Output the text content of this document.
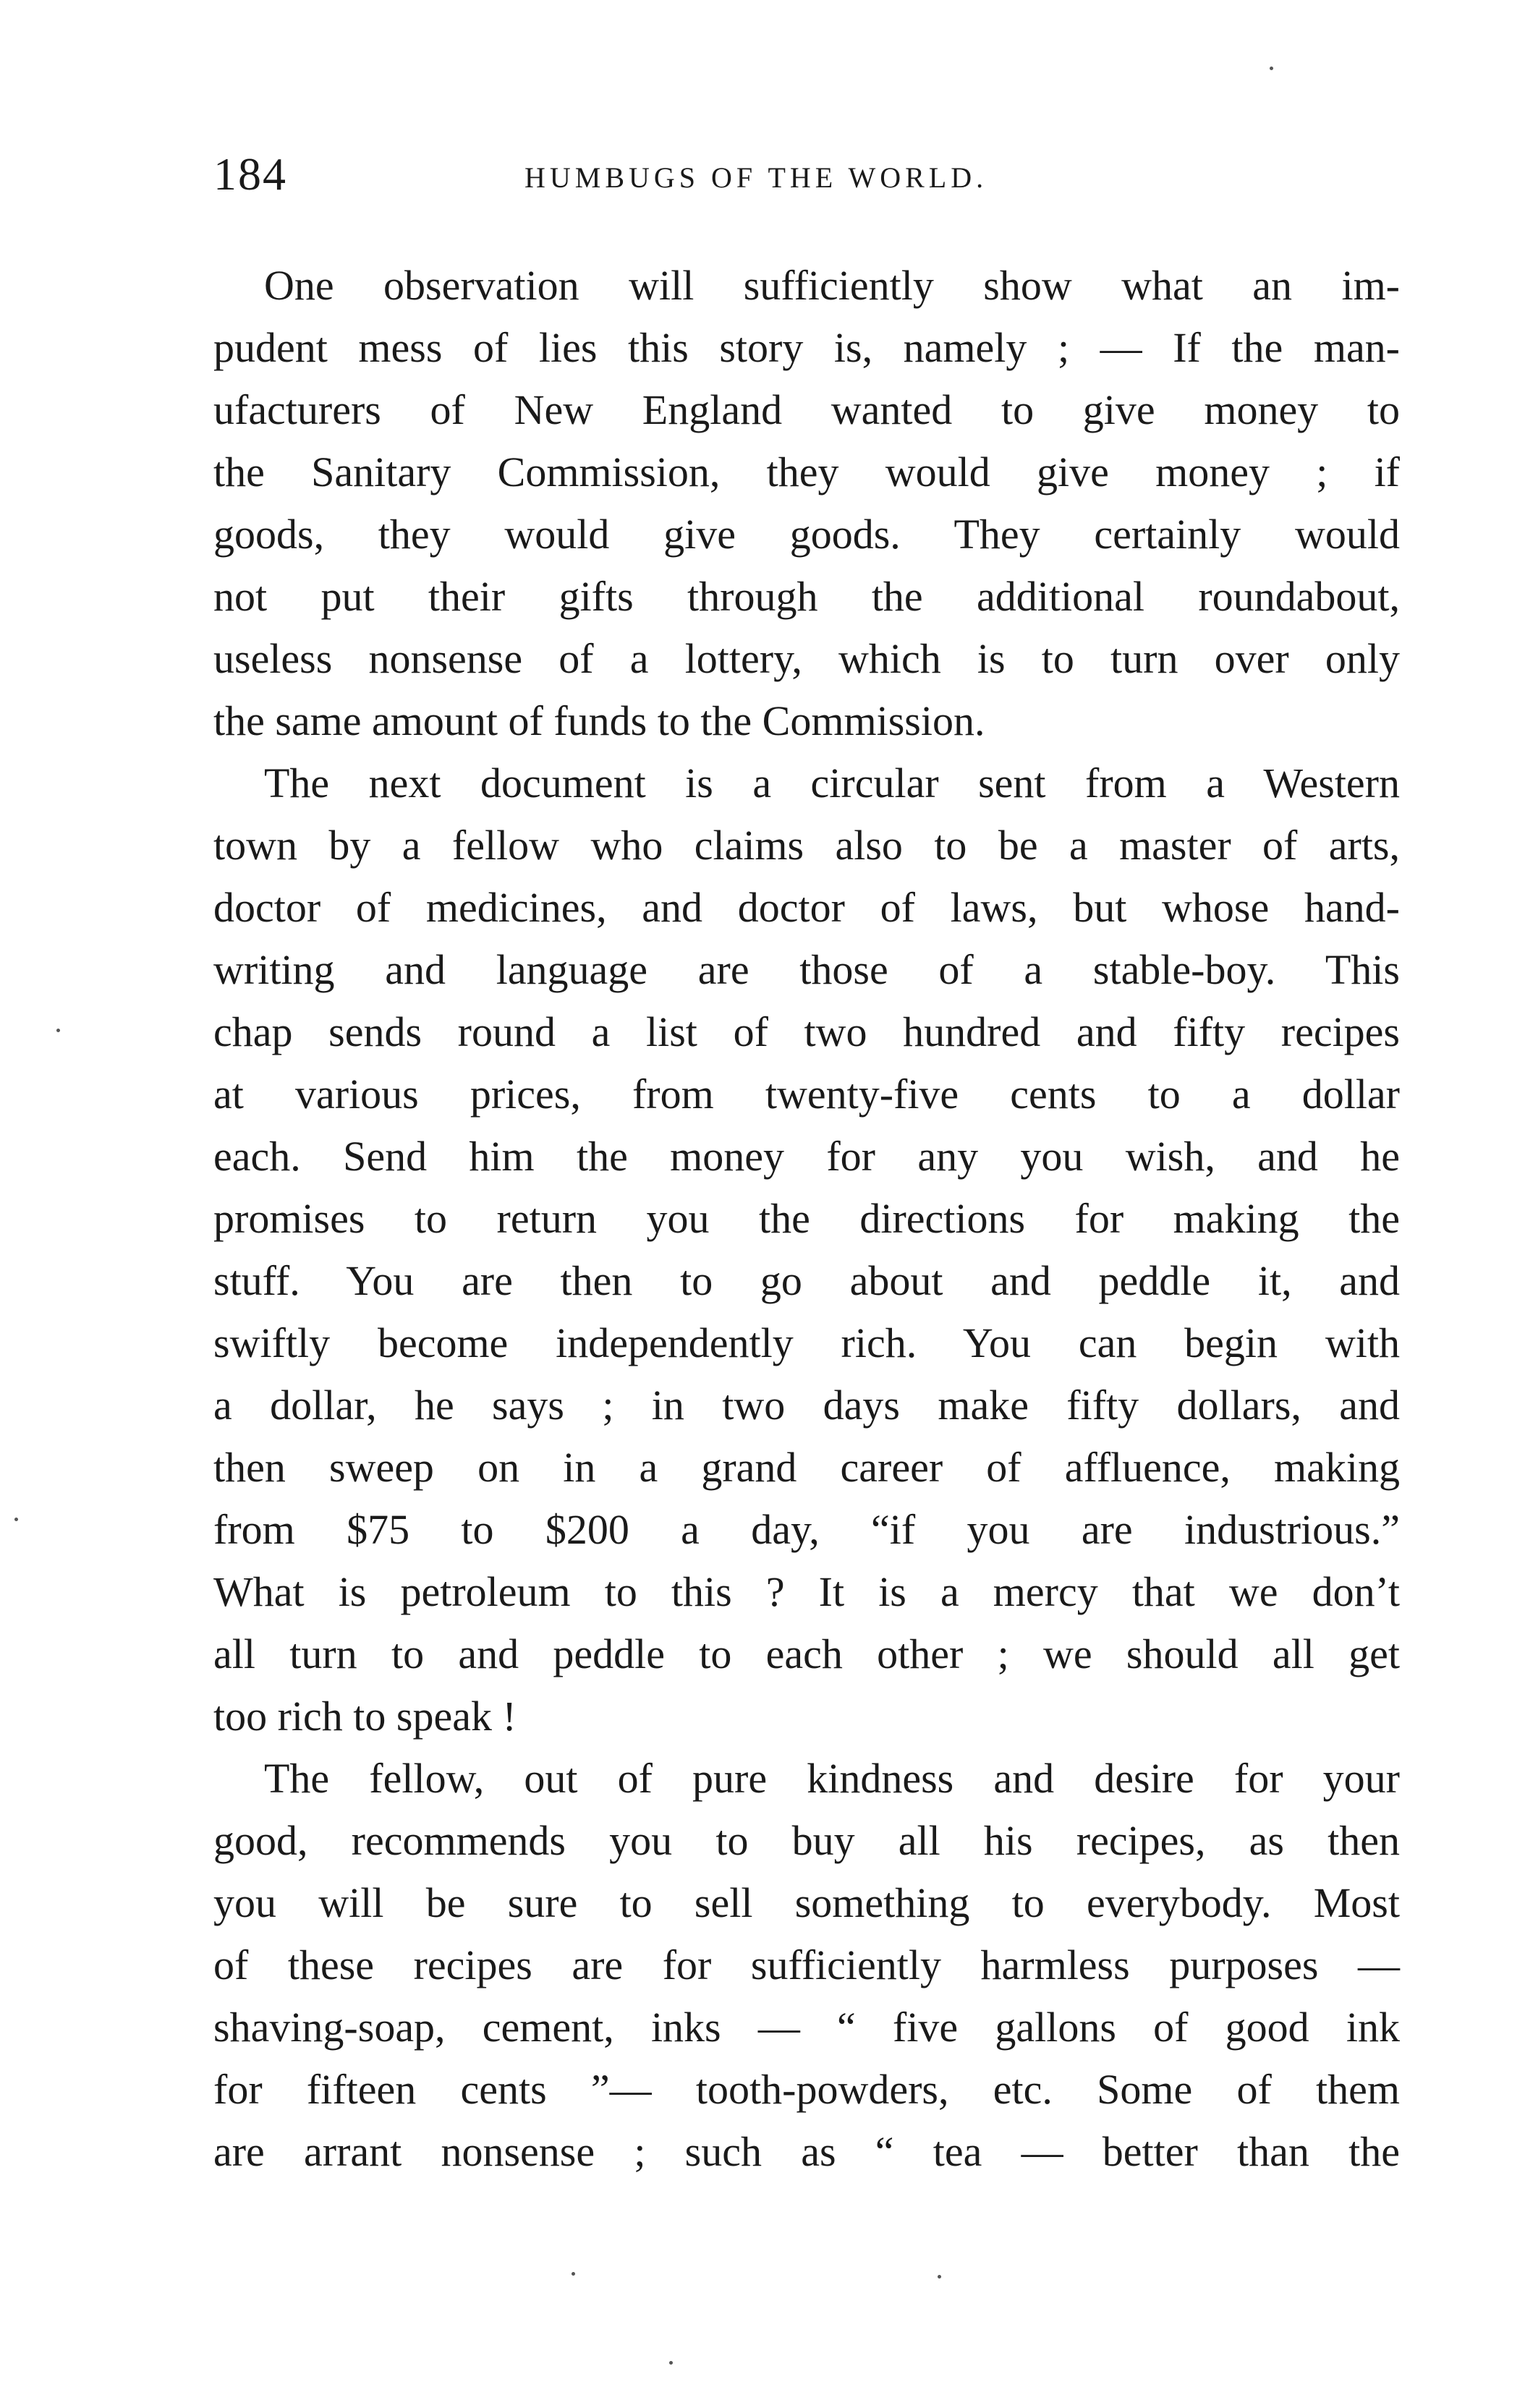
184	HUMBUGS OF THE WORLD.
One observation will sufficiently show what an im-
pudent mess of lies this story is, namely ; — If the man-
ufacturers of New England wanted to give money to
the Sanitary Commission, they would give money ; if
goods, they would give goods. They certainly would
not put their gifts through the additional roundabout,
useless nonsense of a lottery, which is to turn over only
the same amount of funds to the Commission.
The next document is a circular sent from a Western
town by a fellow who claims also to be a master of arts,
doctor of medicines, and doctor of laws, but whose hand-
writing and language are those of a stable-boy. This
chap sends round a list of two hundred and fifty recipes
at various prices, from twenty-five cents to a dollar
each. Send him the money for any you wish, and he
promises to return you the directions for making the
stuff. You are then to go about and peddle it, and
swiftly become independently rich. You can begin with
a dollar, he says ; in two days make fifty dollars, and
then sweep on in a grand career of affluence, making
from $75 to $200 a day, “if you are industrious.”
What is petroleum to this ? It is a mercy that we don’t
all turn to and peddle to each other ; we should all get
too rich to speak !
The fellow, out of pure kindness and desire for your
good, recommends you to buy all his recipes, as then
you will be sure to sell something to everybody. Most
of these recipes are for sufficiently harmless purposes —
shaving-soap, cement, inks — “ five gallons of good ink
for fifteen cents ”— tooth-powders, etc. Some of them
are arrant nonsense ; such as “ tea — better than the
